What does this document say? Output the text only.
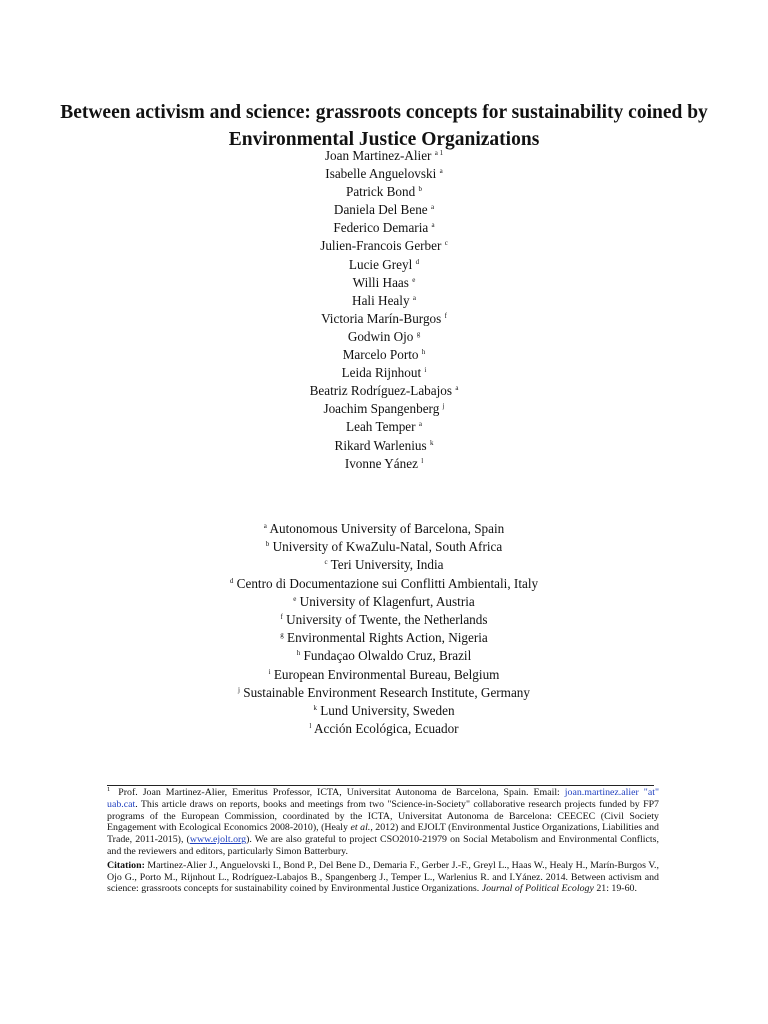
Between activism and science: grassroots concepts for sustainability coined by Environmental Justice Organizations
Joan Martinez-Alier $^{a 1}$
Isabelle Anguelovski $^a$
Patrick Bond $^b$
Daniela Del Bene $^a$
Federico Demaria $^a$
Julien-Francois Gerber $^c$
Lucie Greyl $^d$
Willi Haas $^e$
Hali Healy $^a$
Victoria Marín-Burgos $^f$
Godwin Ojo $^g$
Marcelo Porto $^h$
Leida Rijnhout $^i$
Beatriz Rodríguez-Labajos $^a$
Joachim Spangenberg $^j$
Leah Temper $^a$
Rikard Warlenius $^k$
Ivonne Yánez $^l$
$^a$ Autonomous University of Barcelona, Spain
$^b$ University of KwaZulu-Natal, South Africa
$^c$ Teri University, India
$^d$ Centro di Documentazione sui Conflitti Ambientali, Italy
$^e$ University of Klagenfurt, Austria
$^f$ University of Twente, the Netherlands
$^g$ Environmental Rights Action, Nigeria
$^h$ Fundaçao Olwaldo Cruz, Brazil
$^i$ European Environmental Bureau, Belgium
$^j$ Sustainable Environment Research Institute, Germany
$^k$ Lund University, Sweden
$^l$ Acción Ecológica, Ecuador

$^1$ Prof. Joan Martinez-Alier, Emeritus Professor, ICTA, Universitat Autonoma de Barcelona, Spain. Email: joan.martinez.alier "at" uab.cat. This article draws on reports, books and meetings from two "Science-in-Society" collaborative research projects funded by FP7 programs of the European Commission, coordinated by the ICTA, Universitat Autonoma de Barcelona: CEECEC (Civil Society Engagement with Ecological Economics 2008-2010), (Healy et al., 2012) and EJOLT (Environmental Justice Organizations, Liabilities and Trade, 2011-2015), (www.ejolt.org). We are also grateful to project CSO2010-21979 on Social Metabolism and Environmental Conflicts, and the reviewers and editors, particularly Simon Batterbury.

Citation: Martinez-Alier J., Anguelovski I., Bond P., Del Bene D., Demaria F., Gerber J.-F., Greyl L., Haas W., Healy H., Marín-Burgos V., Ojo G., Porto M., Rijnhout L., Rodríguez-Labajos B., Spangenberg J., Temper L., Warlenius R. and I.Yánez. 2014. Between activism and science: grassroots concepts for sustainability coined by Environmental Justice Organizations. Journal of Political Ecology 21: 19-60.
